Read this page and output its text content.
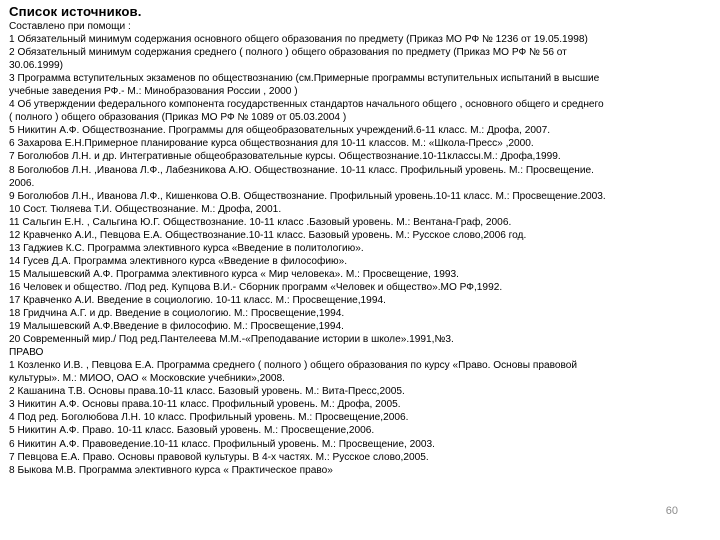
Список источников.
Составлено при помощи :
1 Обязательный минимум содержания основного общего образования по предмету (Приказ МО РФ № 1236 от 19.05.1998)
2 Обязательный минимум содержания среднего ( полного ) общего образования по предмету (Приказ МО РФ № 56 от
30.06.1999)
3 Программа вступительных экзаменов по обществознанию (см.Примерные программы вступительных испытаний в высшие
учебные заведения РФ.- М.: Минобразования России , 2000 )
4 Об утверждении федерального компонента государственных стандартов начального общего , основного общего и среднего
( полного ) общего образования (Приказ МО РФ № 1089 от 05.03.2004 )
5 Никитин А.Ф. Обществознание. Программы для общеобразовательных учреждений.6-11 класс. М.: Дрофа, 2007.
6 Захарова Е.Н.Примерное планирование курса обществознания для 10-11 классов. М.: «Школа-Пресс» ,2000.
7 Боголюбов Л.Н. и др. Интегративные общеобразовательные курсы. Обществознание.10-11классы.М.: Дрофа,1999.
8 Боголюбов Л.Н. ,Иванова Л.Ф., Лабезникова А.Ю. Обществознание. 10-11 класс. Профильный уровень. М.: Просвещение.
2006.
9 Боголюбов Л.Н., Иванова Л.Ф., Кишенкова О.В. Обществознание. Профильный уровень.10-11 класс. М.: Просвещение.2003.
10 Сост. Тюляева Т.И. Обществознание. М.: Дрофа, 2001.
11 Сальгин Е.Н. , Сальгина Ю.Г. Обществознание. 10-11 класс .Базовый уровень. М.: Вентана-Граф, 2006.
12 Кравченко А.И., Певцова Е.А. Обществознание.10-11 класс. Базовый уровень. М.: Русское слово,2006 год.
13 Гаджиев К.С. Программа элективного курса «Введение в политологию».
14 Гусев Д.А. Программа элективного курса «Введение в философию».
15 Малышевский А.Ф. Программа элективного курса « Мир человека». М.: Просвещение, 1993.
16 Человек и общество. /Под ред. Купцова В.И.- Сборник программ «Человек и общество».МО РФ,1992.
17 Кравченко А.И. Введение в социологию. 10-11 класс. М.: Просвещение,1994.
18 Гридчина А.Г. и др. Введение в социологию. М.: Просвещение,1994.
19 Малышевский А.Ф.Введение в философию. М.: Просвещение,1994.
20 Современный мир./ Под ред.Пантелеева М.М.-«Преподавание истории в школе».1991,№3.
ПРАВО
1 Козленко И.В. , Певцова Е.А. Программа среднего ( полного ) общего образования по курсу «Право. Основы правовой
культуры». М.: МИОО, ОАО « Московские учебники»,2008.
2 Кашанина Т.В. Основы права.10-11 класс. Базовый уровень. М.: Вита-Пресс,2005.
3 Никитин А.Ф. Основы права.10-11 класс. Профильный уровень. М.: Дрофа, 2005.
4 Под ред. Боголюбова Л.Н. 10 класс. Профильный уровень. М.: Просвещение,2006.
5 Никитин А.Ф. Право. 10-11 класс. Базовый уровень. М.: Просвещение,2006.
6 Никитин А.Ф. Правоведение.10-11 класс. Профильный уровень. М.: Просвещение, 2003.
7 Певцова Е.А. Право. Основы правовой культуры. В 4-х частях. М.: Русское слово,2005.
8 Быкова М.В. Программа элективного курса « Практическое право»
60
